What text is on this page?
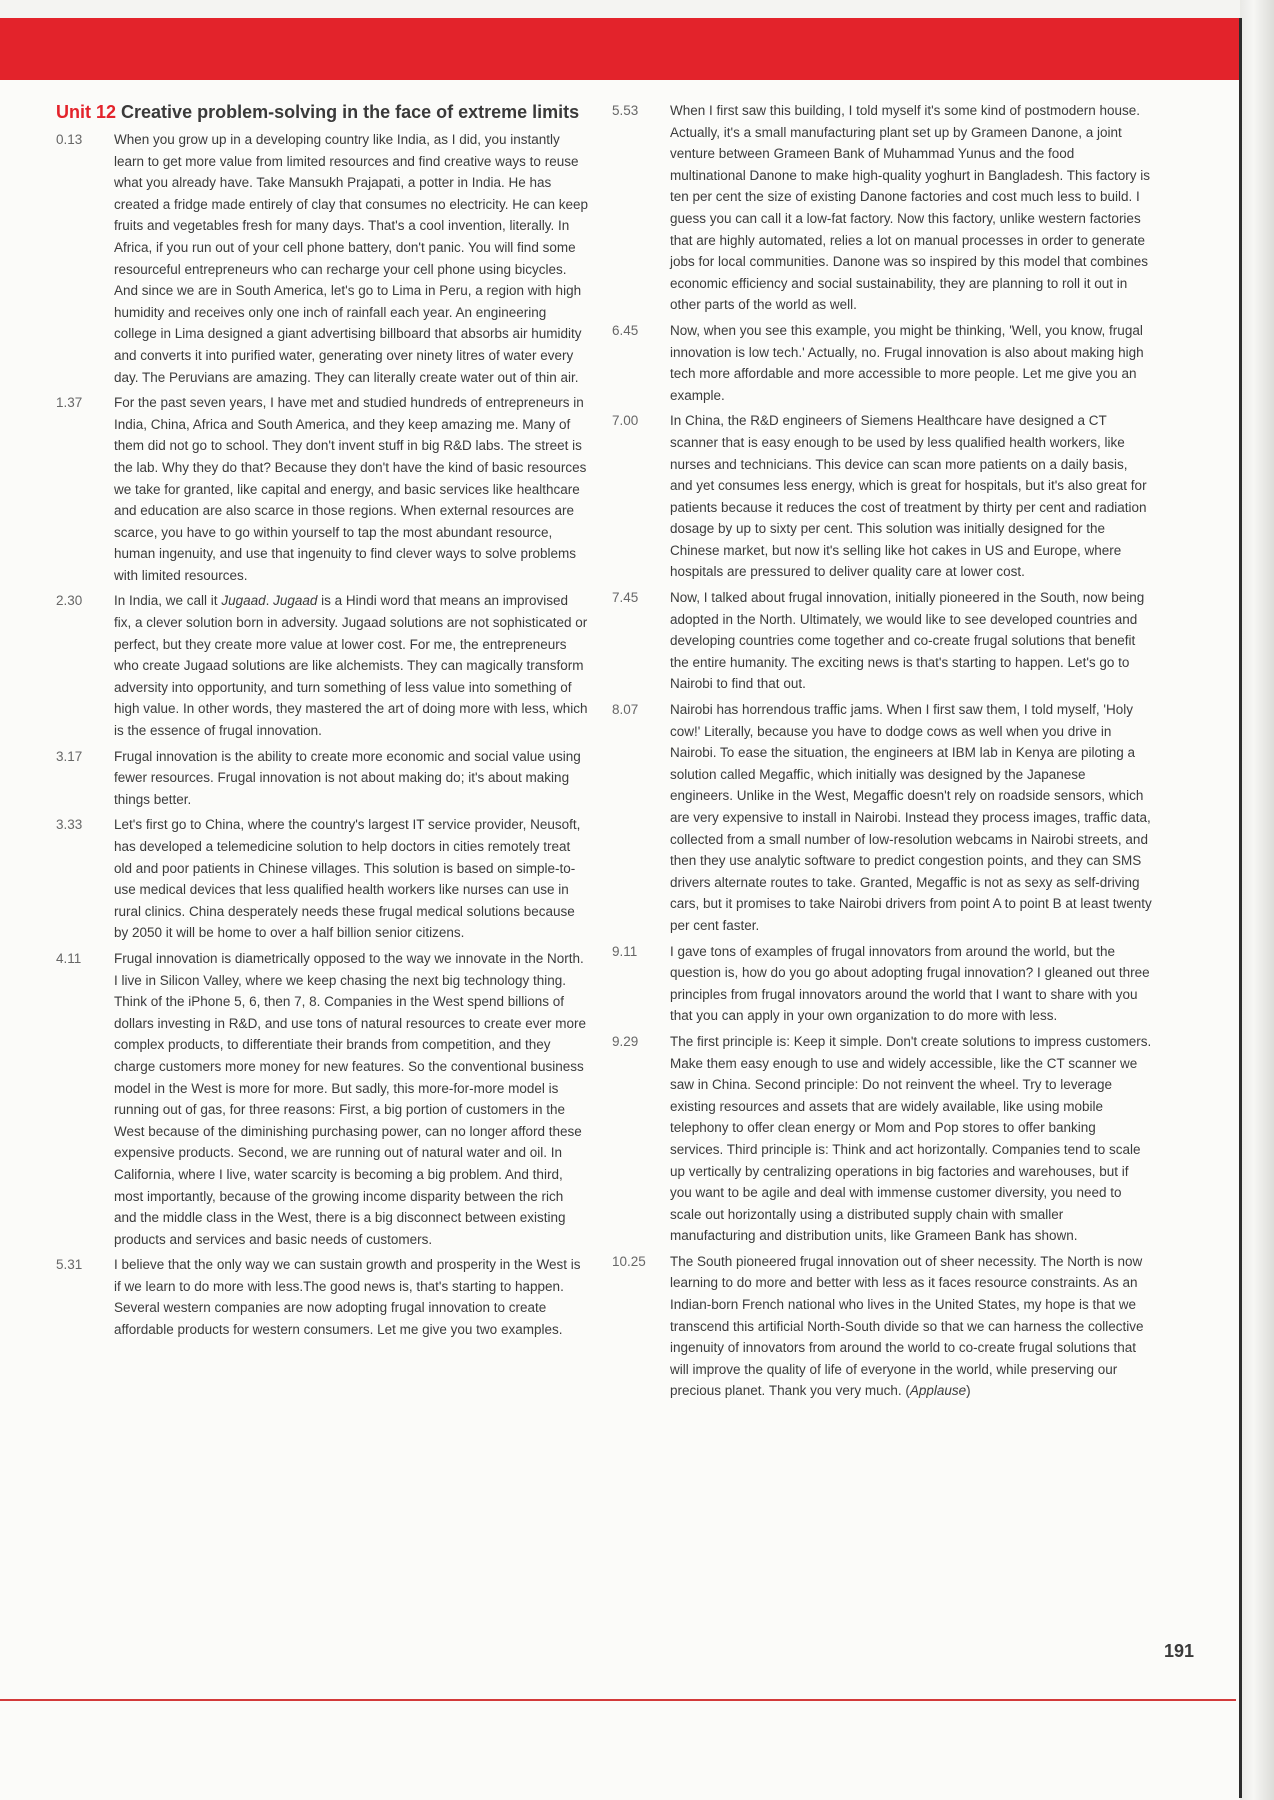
Unit 12 Creative problem-solving in the face of extreme limits
0.13	When you grow up in a developing country like India, as I did, you instantly learn to get more value from limited resources and find creative ways to reuse what you already have. Take Mansukh Prajapati, a potter in India. He has created a fridge made entirely of clay that consumes no electricity. He can keep fruits and vegetables fresh for many days. That's a cool invention, literally. In Africa, if you run out of your cell phone battery, don't panic. You will find some resourceful entrepreneurs who can recharge your cell phone using bicycles. And since we are in South America, let's go to Lima in Peru, a region with high humidity and receives only one inch of rainfall each year. An engineering college in Lima designed a giant advertising billboard that absorbs air humidity and converts it into purified water, generating over ninety litres of water every day. The Peruvians are amazing. They can literally create water out of thin air.
1.37	For the past seven years, I have met and studied hundreds of entrepreneurs in India, China, Africa and South America, and they keep amazing me. Many of them did not go to school. They don't invent stuff in big R&D labs. The street is the lab. Why they do that? Because they don't have the kind of basic resources we take for granted, like capital and energy, and basic services like healthcare and education are also scarce in those regions. When external resources are scarce, you have to go within yourself to tap the most abundant resource, human ingenuity, and use that ingenuity to find clever ways to solve problems with limited resources.
2.30	In India, we call it Jugaad. Jugaad is a Hindi word that means an improvised fix, a clever solution born in adversity. Jugaad solutions are not sophisticated or perfect, but they create more value at lower cost. For me, the entrepreneurs who create Jugaad solutions are like alchemists. They can magically transform adversity into opportunity, and turn something of less value into something of high value. In other words, they mastered the art of doing more with less, which is the essence of frugal innovation.
3.17	Frugal innovation is the ability to create more economic and social value using fewer resources. Frugal innovation is not about making do; it's about making things better.
3.33	Let's first go to China, where the country's largest IT service provider, Neusoft, has developed a telemedicine solution to help doctors in cities remotely treat old and poor patients in Chinese villages. This solution is based on simple-to-use medical devices that less qualified health workers like nurses can use in rural clinics. China desperately needs these frugal medical solutions because by 2050 it will be home to over a half billion senior citizens.
4.11	Frugal innovation is diametrically opposed to the way we innovate in the North. I live in Silicon Valley, where we keep chasing the next big technology thing. Think of the iPhone 5, 6, then 7, 8. Companies in the West spend billions of dollars investing in R&D, and use tons of natural resources to create ever more complex products, to differentiate their brands from competition, and they charge customers more money for new features. So the conventional business model in the West is more for more. But sadly, this more-for-more model is running out of gas, for three reasons: First, a big portion of customers in the West because of the diminishing purchasing power, can no longer afford these expensive products. Second, we are running out of natural water and oil. In California, where I live, water scarcity is becoming a big problem. And third, most importantly, because of the growing income disparity between the rich and the middle class in the West, there is a big disconnect between existing products and services and basic needs of customers.
5.31	I believe that the only way we can sustain growth and prosperity in the West is if we learn to do more with less.The good news is, that's starting to happen. Several western companies are now adopting frugal innovation to create affordable products for western consumers. Let me give you two examples.
5.53	When I first saw this building, I told myself it's some kind of postmodern house. Actually, it's a small manufacturing plant set up by Grameen Danone, a joint venture between Grameen Bank of Muhammad Yunus and the food multinational Danone to make high-quality yoghurt in Bangladesh. This factory is ten per cent the size of existing Danone factories and cost much less to build. I guess you can call it a low-fat factory. Now this factory, unlike western factories that are highly automated, relies a lot on manual processes in order to generate jobs for local communities. Danone was so inspired by this model that combines economic efficiency and social sustainability, they are planning to roll it out in other parts of the world as well.
6.45	Now, when you see this example, you might be thinking, 'Well, you know, frugal innovation is low tech.' Actually, no. Frugal innovation is also about making high tech more affordable and more accessible to more people. Let me give you an example.
7.00	In China, the R&D engineers of Siemens Healthcare have designed a CT scanner that is easy enough to be used by less qualified health workers, like nurses and technicians. This device can scan more patients on a daily basis, and yet consumes less energy, which is great for hospitals, but it's also great for patients because it reduces the cost of treatment by thirty per cent and radiation dosage by up to sixty per cent. This solution was initially designed for the Chinese market, but now it's selling like hot cakes in US and Europe, where hospitals are pressured to deliver quality care at lower cost.
7.45	Now, I talked about frugal innovation, initially pioneered in the South, now being adopted in the North. Ultimately, we would like to see developed countries and developing countries come together and co-create frugal solutions that benefit the entire humanity. The exciting news is that's starting to happen. Let's go to Nairobi to find that out.
8.07	Nairobi has horrendous traffic jams. When I first saw them, I told myself, 'Holy cow!' Literally, because you have to dodge cows as well when you drive in Nairobi. To ease the situation, the engineers at IBM lab in Kenya are piloting a solution called Megaffic, which initially was designed by the Japanese engineers. Unlike in the West, Megaffic doesn't rely on roadside sensors, which are very expensive to install in Nairobi. Instead they process images, traffic data, collected from a small number of low-resolution webcams in Nairobi streets, and then they use analytic software to predict congestion points, and they can SMS drivers alternate routes to take. Granted, Megaffic is not as sexy as self-driving cars, but it promises to take Nairobi drivers from point A to point B at least twenty per cent faster.
9.11	I gave tons of examples of frugal innovators from around the world, but the question is, how do you go about adopting frugal innovation? I gleaned out three principles from frugal innovators around the world that I want to share with you that you can apply in your own organization to do more with less.
9.29	The first principle is: Keep it simple. Don't create solutions to impress customers. Make them easy enough to use and widely accessible, like the CT scanner we saw in China. Second principle: Do not reinvent the wheel. Try to leverage existing resources and assets that are widely available, like using mobile telephony to offer clean energy or Mom and Pop stores to offer banking services. Third principle is: Think and act horizontally. Companies tend to scale up vertically by centralizing operations in big factories and warehouses, but if you want to be agile and deal with immense customer diversity, you need to scale out horizontally using a distributed supply chain with smaller manufacturing and distribution units, like Grameen Bank has shown.
10.25	The South pioneered frugal innovation out of sheer necessity. The North is now learning to do more and better with less as it faces resource constraints. As an Indian-born French national who lives in the United States, my hope is that we transcend this artificial North-South divide so that we can harness the collective ingenuity of innovators from around the world to co-create frugal solutions that will improve the quality of life of everyone in the world, while preserving our precious planet. Thank you very much. (Applause)
191
